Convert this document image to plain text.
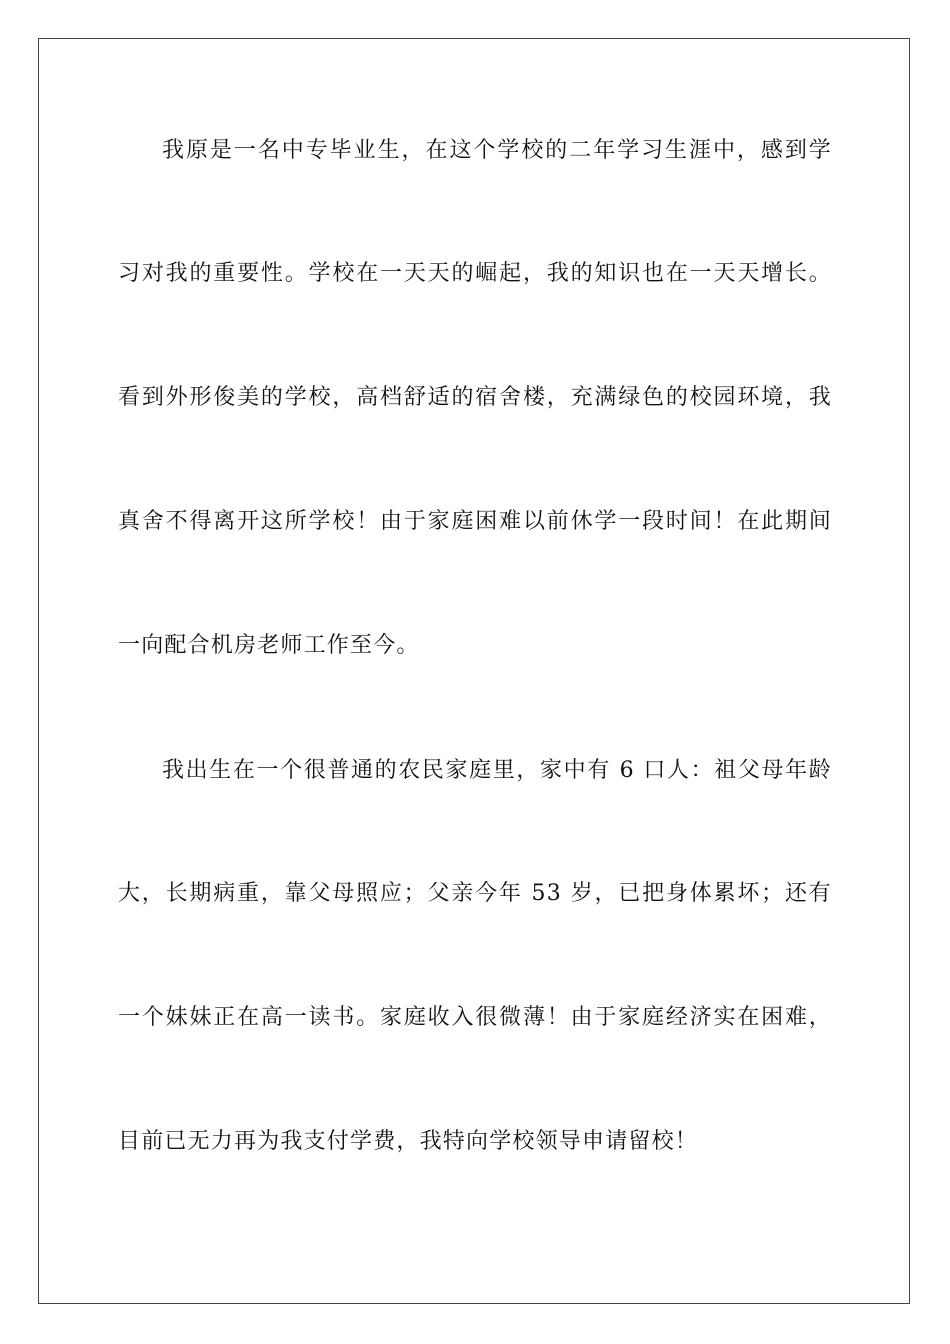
我原是一名中专毕业生，在这个学校的二年学习生涯中，感到学
习对我的重要性。学校在一天天的崛起，我的知识也在一天天增长。
看到外形俊美的学校，高档舒适的宿舍楼，充满绿色的校园环境，我
真舍不得离开这所学校！由于家庭困难以前休学一段时间！在此期间
一向配合机房老师工作至今。
我出生在一个很普通的农民家庭里，家中有 6 口人：祖父母年龄
大，长期病重，靠父母照应；父亲今年 53 岁，已把身体累坏；还有
一个妹妹正在高一读书。家庭收入很微薄！由于家庭经济实在困难，
目前已无力再为我支付学费，我特向学校领导申请留校！
